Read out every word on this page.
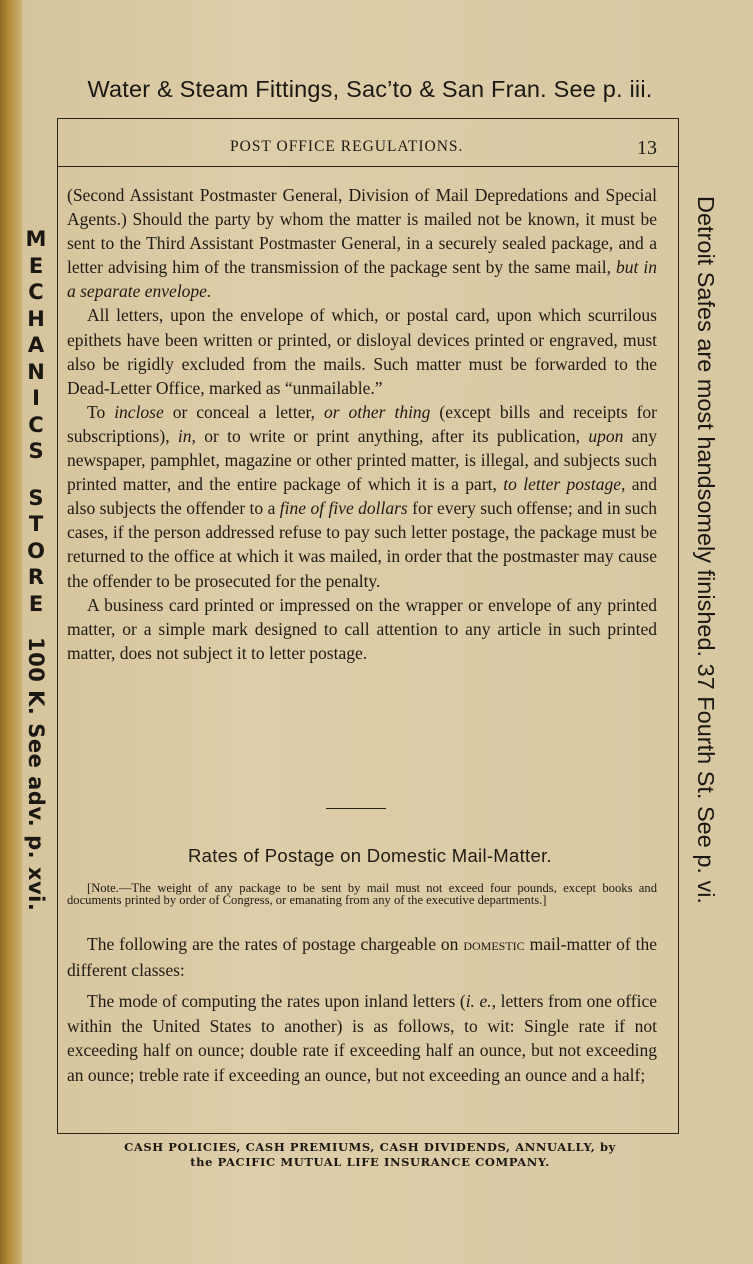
Water & Steam Fittings, Sac’to & San Fran. See p. iii.
POST OFFICE REGULATIONS.	13
M
E
C
H
A
N
I
C
S
S
T
O
R
E
100 K. See adv. p. xvi.	Detroit Safes are most handsomely finished. 37 Fourth St. See p. vi.

(Second Assistant Postmaster General, Division of Mail Depredations and Special Agents.) Should the party by whom the matter is mailed not be known, it must be sent to the Third Assistant Postmaster General, in a securely sealed package, and a letter advising him of the transmission of the package sent by the same mail, but in a separate envelope.

All letters, upon the envelope of which, or postal card, upon which scurrilous epithets have been written or printed, or disloyal devices printed or engraved, must also be rigidly excluded from the mails. Such matter must be forwarded to the Dead-Letter Office, marked as “unmailable.”

To inclose or conceal a letter, or other thing (except bills and receipts for subscriptions), in, or to write or print anything, after its publication, upon any newspaper, pamphlet, magazine or other printed matter, is illegal, and subjects such printed matter, and the entire package of which it is a part, to letter postage, and also subjects the offender to a fine of five dollars for every such offense; and in such cases, if the person addressed refuse to pay such letter postage, the package must be returned to the office at which it was mailed, in order that the postmaster may cause the offender to be prosecuted for the penalty.

A business card printed or impressed on the wrapper or envelope of any printed matter, or a simple mark designed to call attention to any article in such printed matter, does not subject it to letter postage.

Rates of Postage on Domestic Mail-Matter.

[Note.—The weight of any package to be sent by mail must not exceed four pounds, except books and documents printed by order of Congress, or emanating from any of the executive departments.]

The following are the rates of postage chargeable on domestic mail-matter of the different classes:

The mode of computing the rates upon inland letters (i. e., letters from one office within the United States to another) is as follows, to wit: Single rate if not exceeding half on ounce; double rate if exceeding half an ounce, but not exceeding an ounce; treble rate if exceeding an ounce, but not exceeding an ounce and a half;

CASH POLICIES, CASH PREMIUMS, CASH DIVIDENDS, ANNUALLY, by
the PACIFIC MUTUAL LIFE INSURANCE COMPANY.
